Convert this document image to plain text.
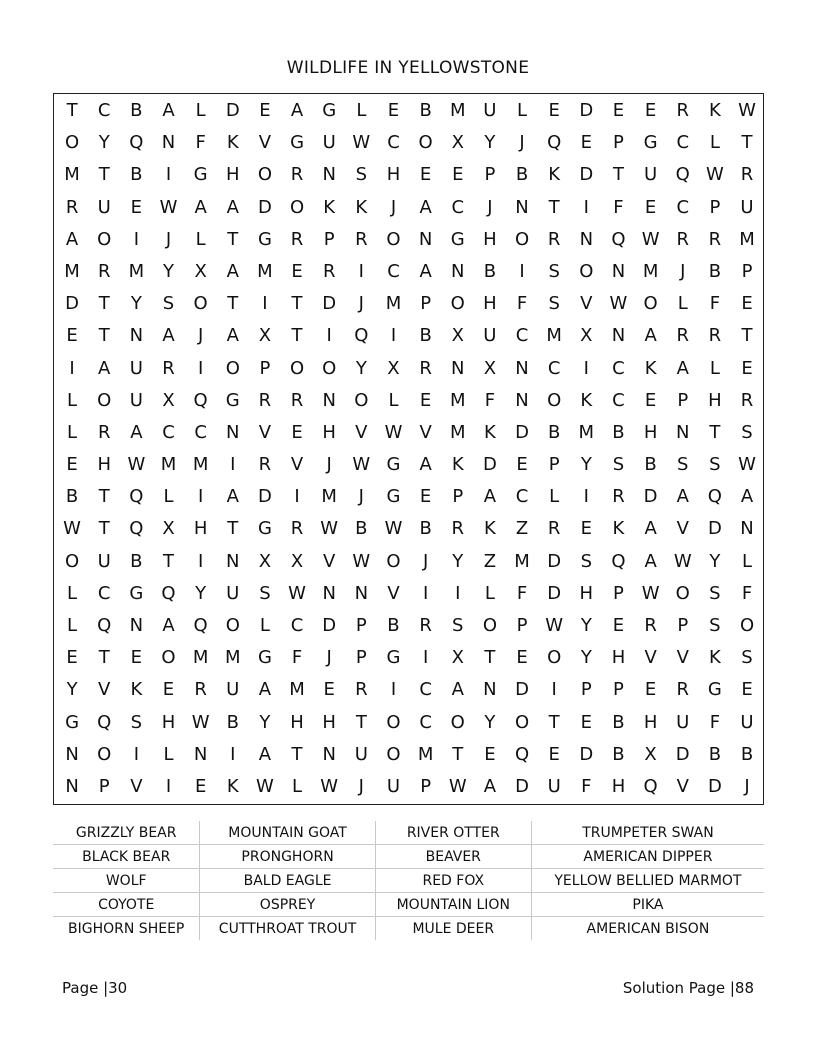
WILDLIFE IN YELLOWSTONE
T	C	B	A	L	D	E	A	G	L	E	B	M U	L	E	D	E	E	R	K W
O	Y	Q	N	F	K	V	G	U W C	O	X	Y	J	Q	E	P	G	C	L	T
M	T	B	I	G	H	O	R	N	S	H	E	E	P	B	K	D	T	U	Q W R
R	U	E W A	A	D	O	K	K	J	A	C	J	N	T	I	F	E	C	P	U
A	O	I	J	L	T	G	R	P	R	O	N	G	H	O	R	N	Q W R	R	M
M	R	M	Y	X	A	M	E	R	I	C	A	N	B	I	S	O	N M	J	B	P
D	T	Y	S	O	T	I	T	D	J	M	P	O	H	F	S	V W O	L	F	E
E	T	N	A	J	A	X	T	I	Q	I	B	X	U	C	M	X	N	A	R	R	T
I	A	U	R	I	O	P	O O	Y	X	R	N	X	N	C	I	C	K	A	L	E
L	O	U	X	Q	G	R	R	N	O	L	E	M	F	N	O	K	C	E	P	H	R
L	R	A	C	C	N	V	E	H	V W V	M	K	D	B	M	B	H	N	T	S
E	H W M M	I	R	V	J	W G	A	K	D	E	P	Y	S	B	S	S W
B	T	Q	L	I	A	D	I	M	J	G	E	P	A	C	L	I	R	D	A	Q	A
W T	Q	X	H	T	G	R W B W B	R	K	Z	R	E	K	A	V	D	N
O	U	B	T	I	N	X	X	V W O	J	Y	Z	M D	S	Q	A W Y	L
L	C	G	Q	Y	U	S W N	N	V	I	I	L	F	D	H	P W O	S	F
L	Q	N	A	Q O	L	C	D	P	B	R	S	O	P W Y	E	R	P	S	O
E	T	E	O M M G	F	J	P	G	I	X	T	E	O	Y	H	V	V	K	S
Y	V	K	E	R	U	A	M	E	R	I	C	A	N	D	I	P	P	E	R	G	E
G	Q	S	H W B	Y	H	H	T	O	C	O	Y	O	T	E	B	H	U	F	U
N	O	I	L	N	I	A	T	N	U	O M	T	E	Q	E	D	B	X	D	B	B
N	P	V	I	E	K W	L	W	J	U	P W A	D	U	F	H	Q	V	D	J
GRIZZLY BEAR	MOUNTAIN GOAT	RIVER OTTER	TRUMPETER SWAN
BLACK BEAR	PRONGHORN	BEAVER	AMERICAN DIPPER
WOLF	BALD EAGLE	RED FOX	YELLOW BELLIED MARMOT
COYOTE	OSPREY	MOUNTAIN LION	PIKA
BIGHORN SHEEP	CUTTHROAT TROUT	MULE DEER	AMERICAN BISON
Page |30	Solution Page |88
